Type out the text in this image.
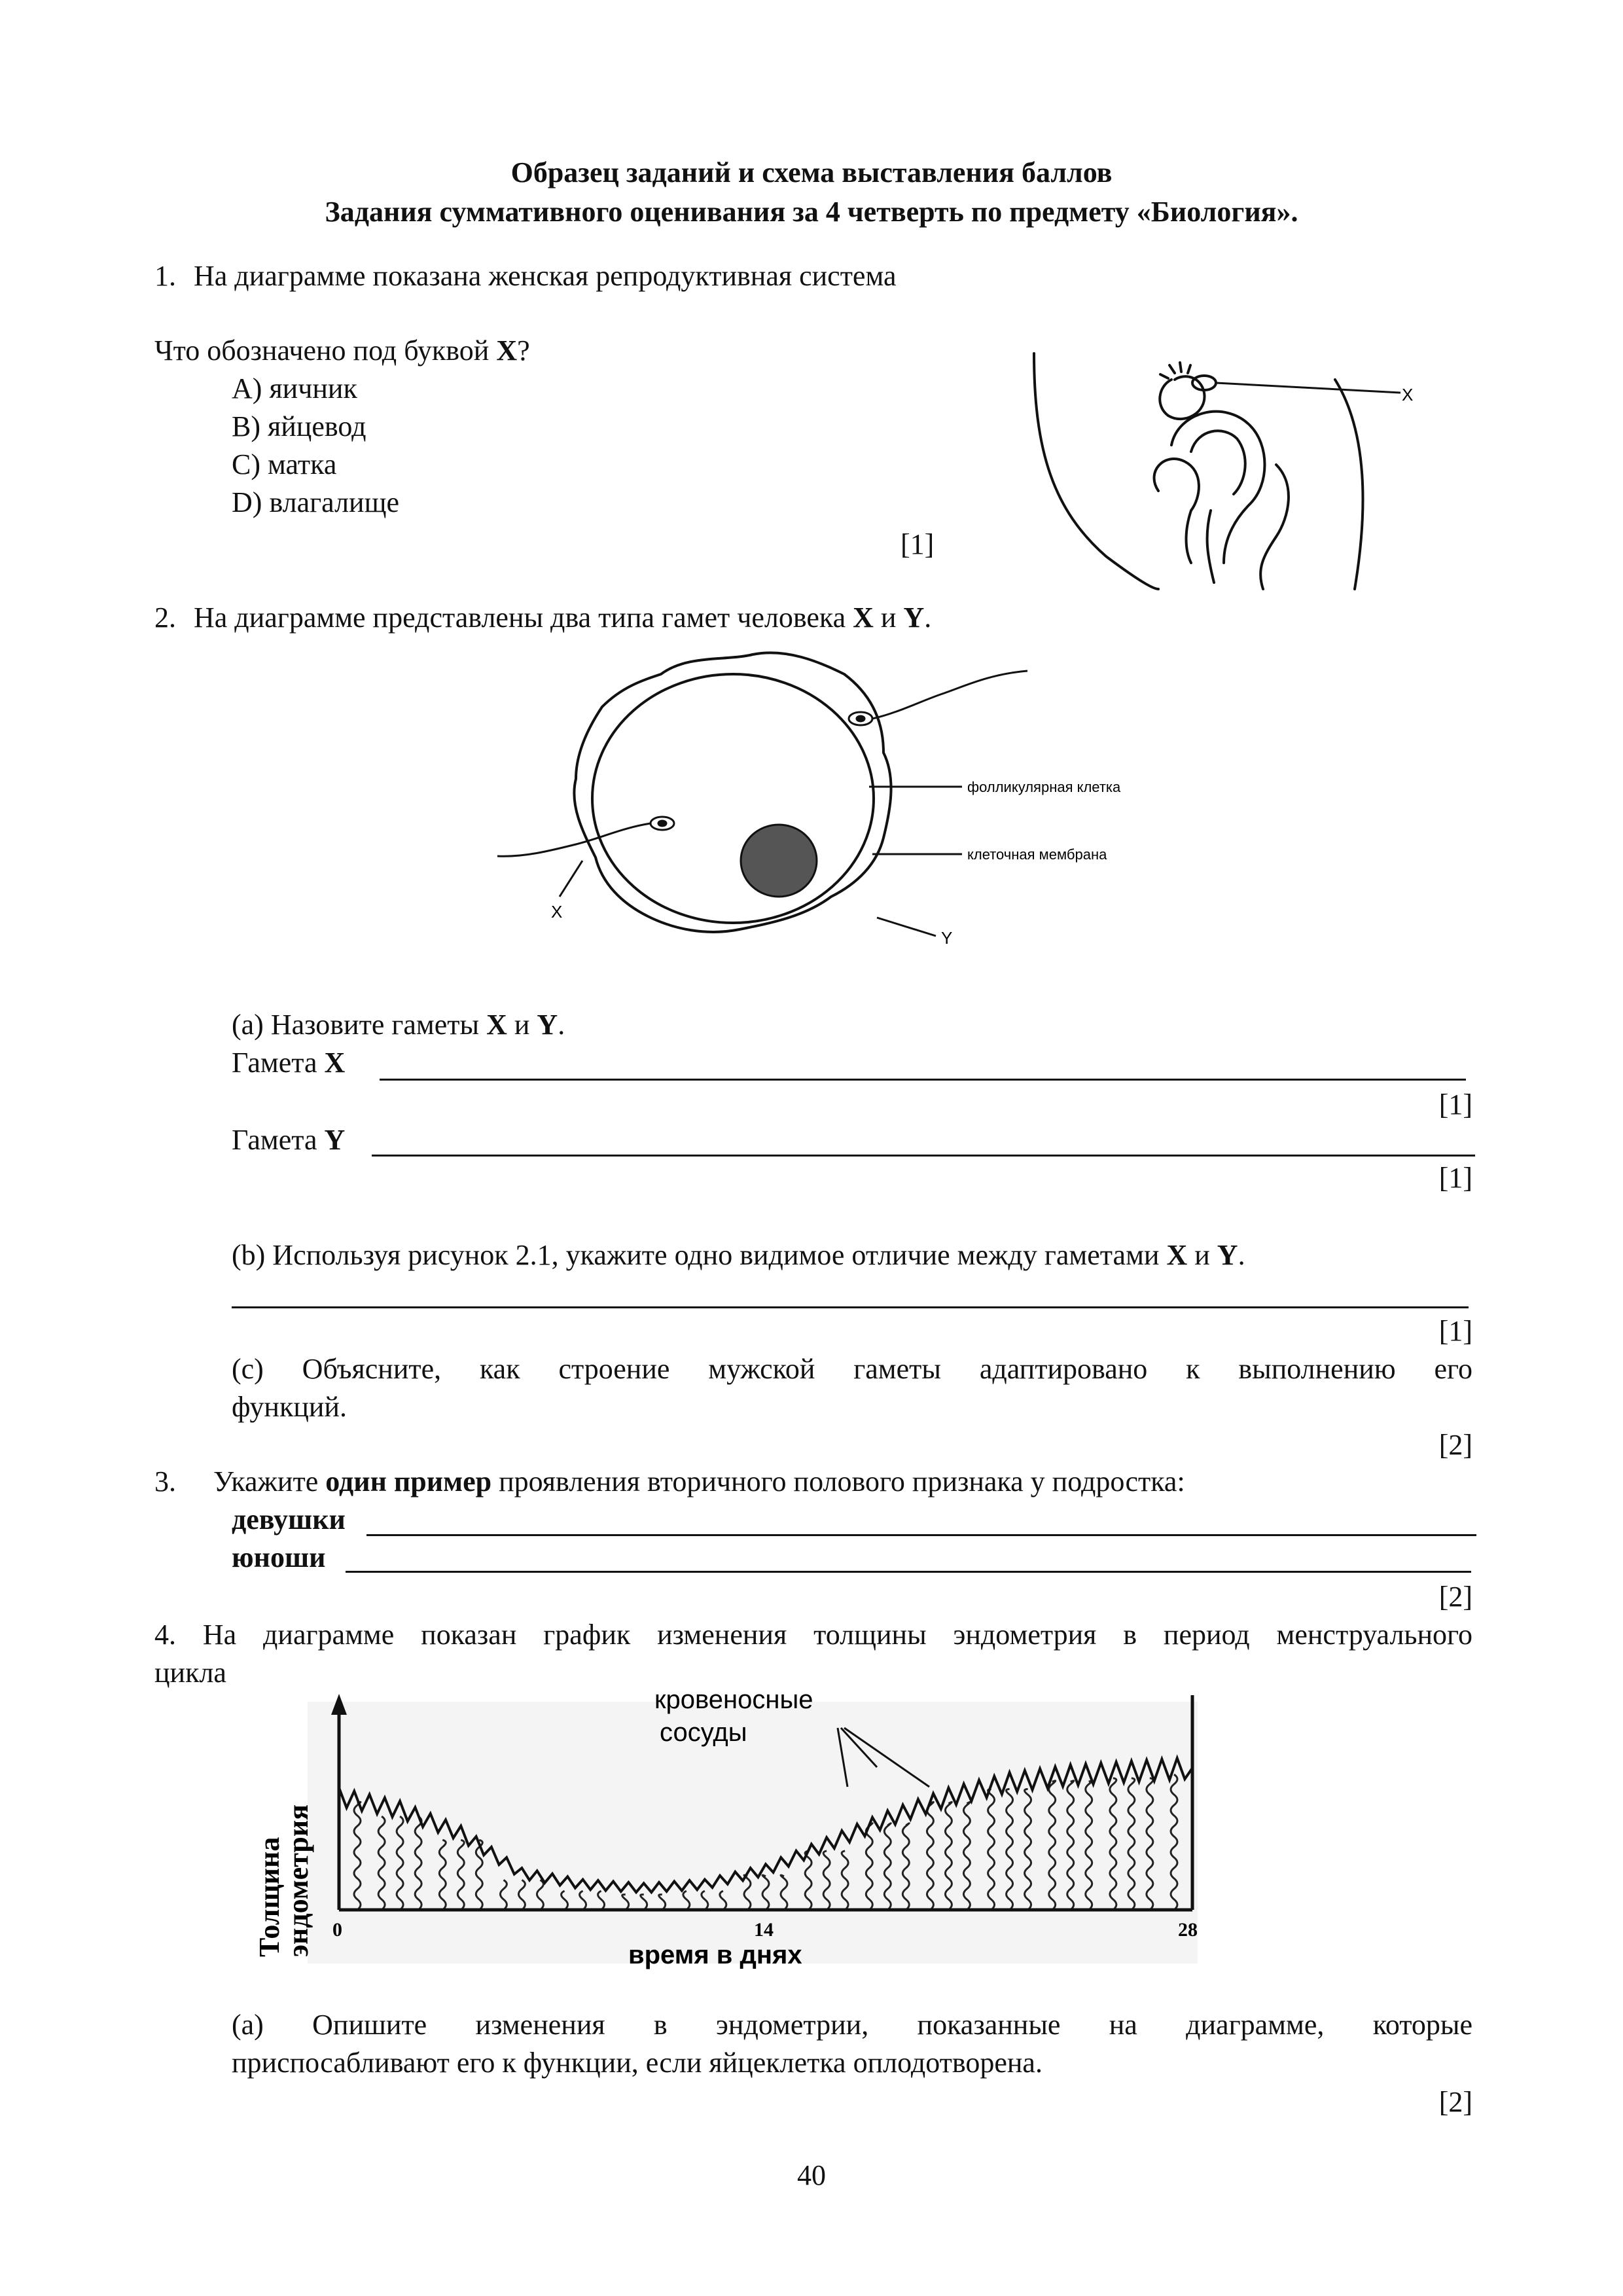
Образец заданий и схема выставления баллов
Задания суммативного оценивания за 4 четверть по предмету «Биология».
1. На диаграмме показана женская репродуктивная система
Что обозначено под буквой X?
A) яичник
B) яйцевод
C) матка
D) влагалище
[1]
X
2. На диаграмме представлены два типа гамет человека X и Y.
фолликулярная клетка
клеточная мембрана
X
Y
(a) Назовите гаметы X и Y.
Гамета X
[1]
Гамета Y
[1]
(b) Используя рисунок 2.1, укажите одно видимое отличие между гаметами X и Y.
[1]
(c) Объясните, как строение мужской гаметы адаптировано к выполнению его
функций.
[2]
3. Укажите один пример проявления вторичного полового признака у подростка:
девушки
юноши
[2]
4. На диаграмме показан график изменения толщины эндометрия в период менструального
цикла
кровеносные
сосуды
0	14	28
время в днях
Толщина
эндометрия
(a) Опишите изменения в эндометрии, показанные на диаграмме, которые
приспосабливают его к функции, если яйцеклетка оплодотворена.
[2]
40
